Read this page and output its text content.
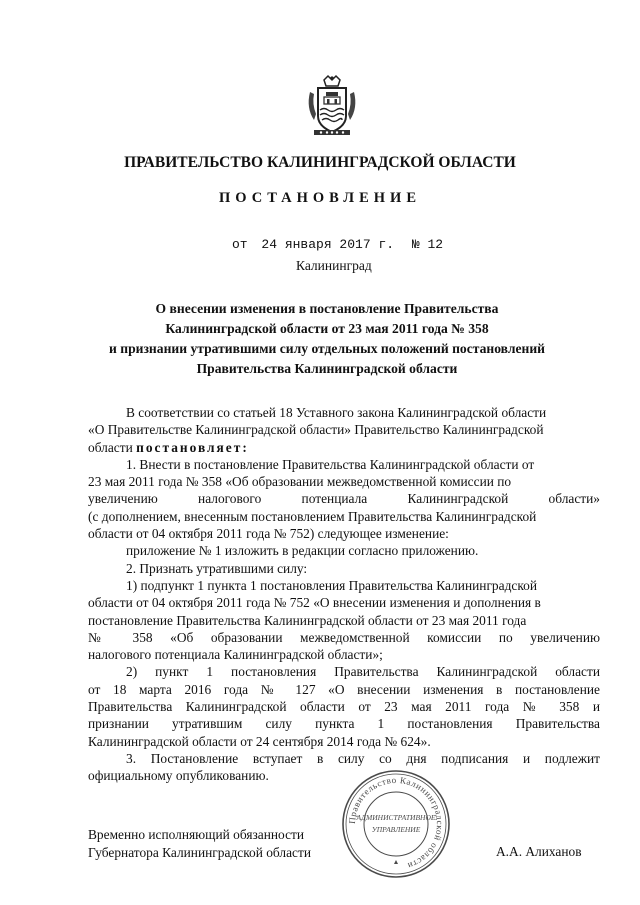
ПРАВИТЕЛЬСТВО КАЛИНИНГРАДСКОЙ ОБЛАСТИ
ПОСТАНОВЛЕНИЕ
от 24 января 2017 г. № 12
Калининград
О внесении изменения в постановление Правительства
Калининградской области от 23 мая 2011 года № 358
и признании утратившими силу отдельных положений постановлений
Правительства Калининградской области
В соответствии со статьей 18 Уставного закона Калининградской области
«О Правительстве Калининградской области» Правительство Калининградской
области постановляет:
1. Внести в постановление Правительства Калининградской области от
23 мая 2011 года № 358 «Об образовании межведомственной комиссии по
увеличению налогового потенциала Калининградской области»
(с дополнением, внесенным постановлением Правительства Калининградской
области от 04 октября 2011 года № 752) следующее изменение:
приложение № 1 изложить в редакции согласно приложению.
2. Признать утратившими силу:
1) подпункт 1 пункта 1 постановления Правительства Калининградской
области от 04 октября 2011 года № 752 «О внесении изменения и дополнения в
постановление Правительства Калининградской области от 23 мая 2011 года
№ 358 «Об образовании межведомственной комиссии по увеличению
налогового потенциала Калининградской области»;
2) пункт 1 постановления Правительства Калининградской области
от 18 марта 2016 года № 127 «О внесении изменения в постановление
Правительства Калининградской области от 23 мая 2011 года № 358 и
признании утратившим силу пункта 1 постановления Правительства
Калининградской области от 24 сентября 2014 года № 624».
3. Постановление вступает в силу со дня подписания и подлежит
официальному опубликованию.
Правительство Калининградской области
АДМИНИСТРАТИВНОЕ
УПРАВЛЕНИЕ
Временно исполняющий обязанности
Губернатора Калининградской области	А.А. Алиханов
